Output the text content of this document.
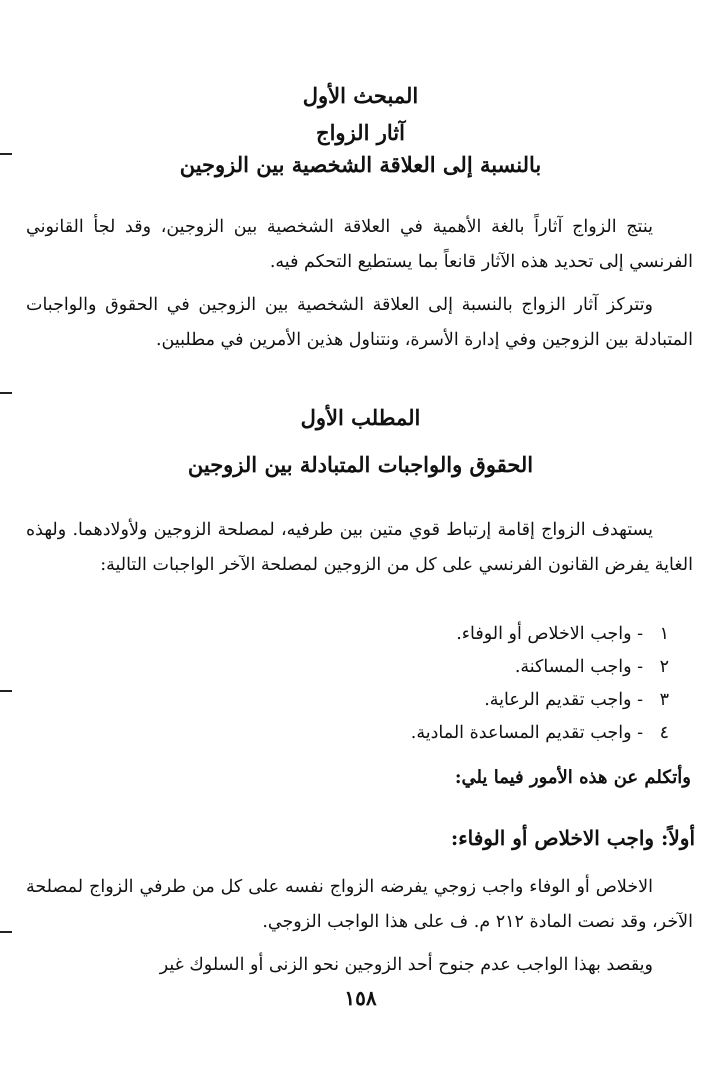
المبحث الأول
آثار الزواج
بالنسبة إلى العلاقة الشخصية بين الزوجين

ينتج الزواج آثاراً بالغة الأهمية في العلاقة الشخصية بين الزوجين، وقد لجأ القانوني الفرنسي إلى تحديد هذه الآثار قانعاً بما يستطيع التحكم فيه.

وتتركز آثار الزواج بالنسبة إلى العلاقة الشخصية بين الزوجين في الحقوق والواجبات المتبادلة بين الزوجين وفي إدارة الأسرة، ونتناول هذين الأمرين في مطلبين.

المطلب الأول
الحقوق والواجبات المتبادلة بين الزوجين

يستهدف الزواج إقامة إرتباط قوي متين بين طرفيه، لمصلحة الزوجين ولأولادهما. ولهذه الغاية يفرض القانون الفرنسي على كل من الزوجين لمصلحة الآخر الواجبات التالية:

١
- واجب الاخلاص أو الوفاء.
٢
- واجب المساكنة.
٣
- واجب تقديم الرعاية.
٤
- واجب تقديم المساعدة المادية.

وأتكلم عن هذه الأمور فيما يلي:

أولاً: واجب الاخلاص أو الوفاء:

الاخلاص أو الوفاء واجب زوجي يفرضه الزواج نفسه على كل من طرفي الزواج لمصلحة الآخر، وقد نصت المادة ٢١٢ م. ف على هذا الواجب الزوجي.

ويقصد بهذا الواجب عدم جنوح أحد الزوجين نحو الزنى أو السلوك غير

١٥٨
